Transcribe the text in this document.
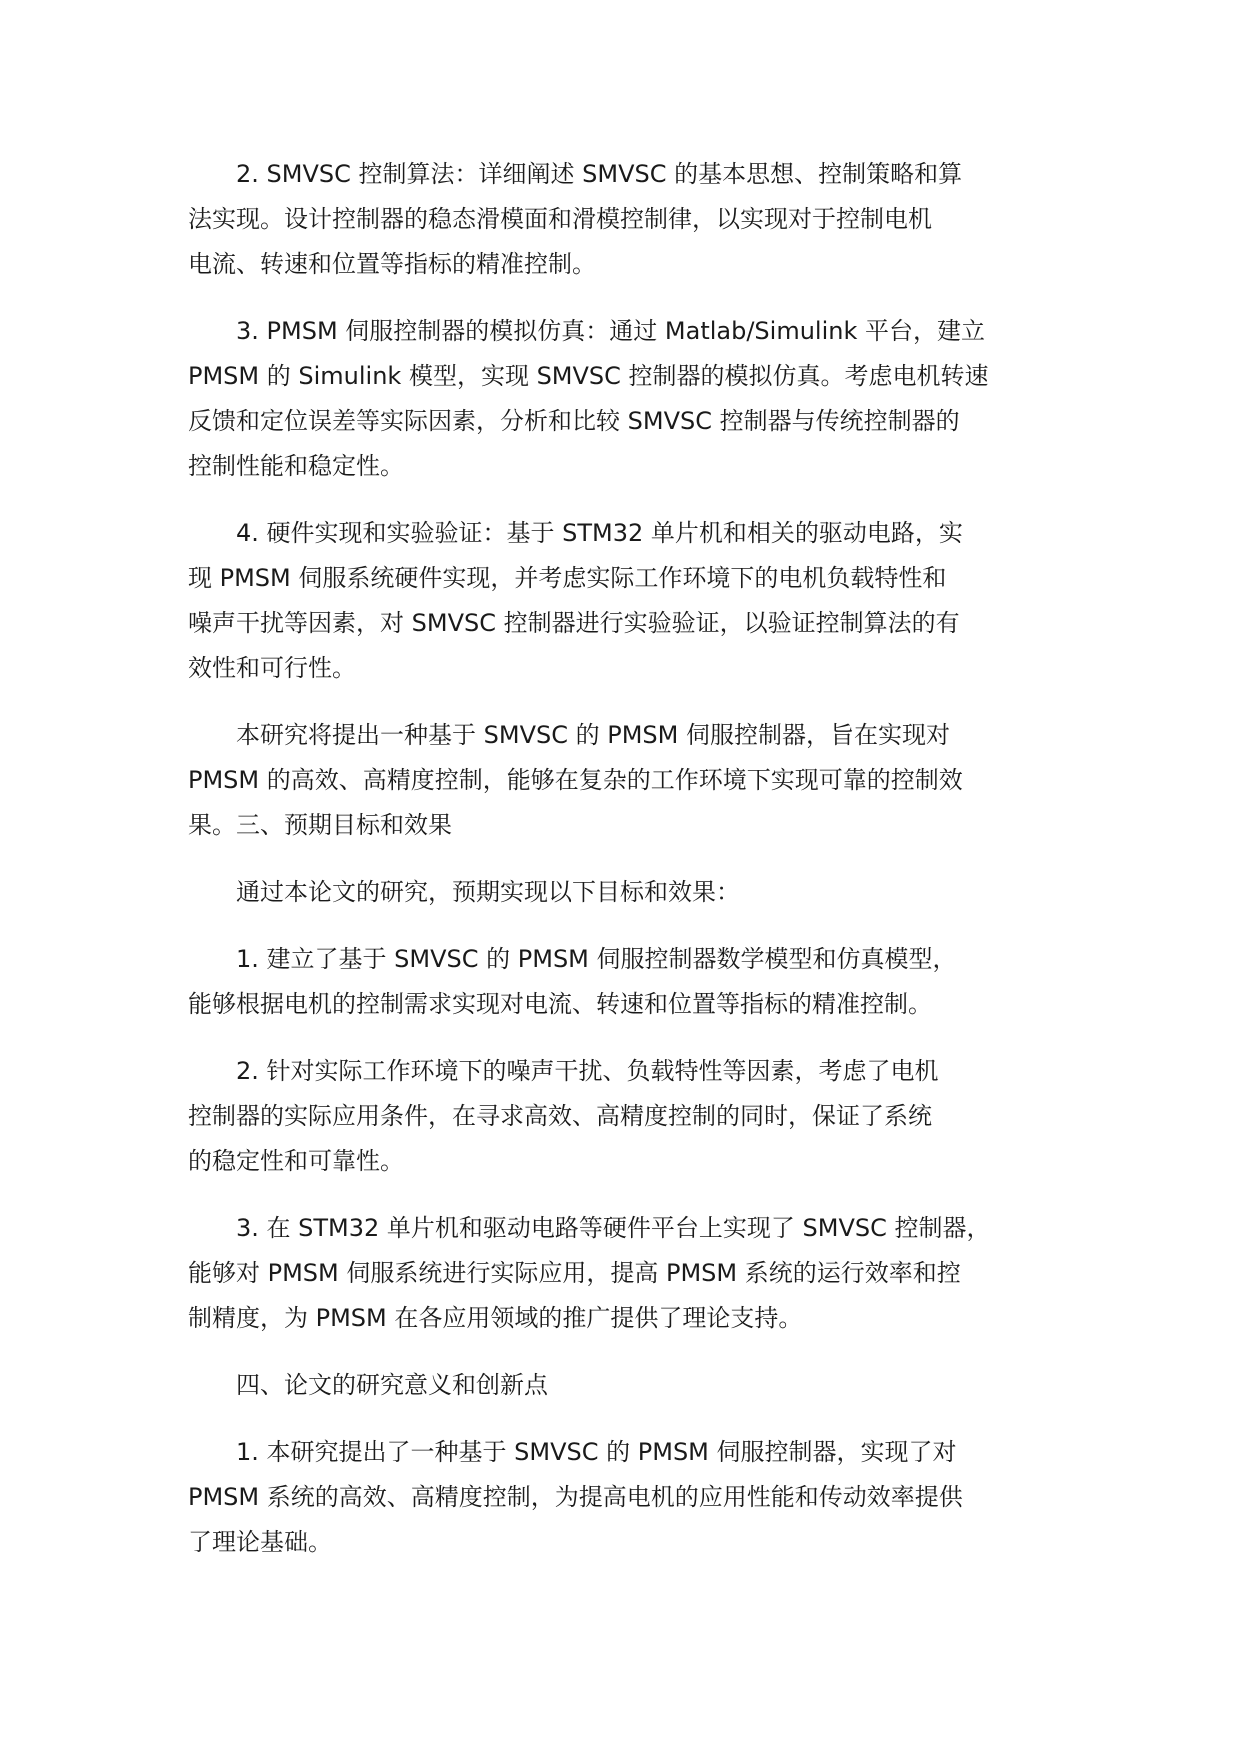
　　2. SMVSC 控制算法：详细阐述 SMVSC 的基本思想、控制策略和算
法实现。设计控制器的稳态滑模面和滑模控制律，以实现对于控制电机
电流、转速和位置等指标的精准控制。

　　3. PMSM 伺服控制器的模拟仿真：通过 Matlab/Simulink 平台，建立
PMSM 的 Simulink 模型，实现 SMVSC 控制器的模拟仿真。考虑电机转速
反馈和定位误差等实际因素，分析和比较 SMVSC 控制器与传统控制器的
控制性能和稳定性。

　　4. 硬件实现和实验验证：基于 STM32 单片机和相关的驱动电路，实
现 PMSM 伺服系统硬件实现，并考虑实际工作环境下的电机负载特性和
噪声干扰等因素，对 SMVSC 控制器进行实验验证，以验证控制算法的有
效性和可行性。

　　本研究将提出一种基于 SMVSC 的 PMSM 伺服控制器，旨在实现对
PMSM 的高效、高精度控制，能够在复杂的工作环境下实现可靠的控制效
果。三、预期目标和效果

　　通过本论文的研究，预期实现以下目标和效果：

　　1. 建立了基于 SMVSC 的 PMSM 伺服控制器数学模型和仿真模型，
能够根据电机的控制需求实现对电流、转速和位置等指标的精准控制。

　　2. 针对实际工作环境下的噪声干扰、负载特性等因素，考虑了电机
控制器的实际应用条件，在寻求高效、高精度控制的同时，保证了系统
的稳定性和可靠性。

　　3. 在 STM32 单片机和驱动电路等硬件平台上实现了 SMVSC 控制器，
能够对 PMSM 伺服系统进行实际应用，提高 PMSM 系统的运行效率和控
制精度，为 PMSM 在各应用领域的推广提供了理论支持。

　　四、论文的研究意义和创新点

　　1. 本研究提出了一种基于 SMVSC 的 PMSM 伺服控制器，实现了对
PMSM 系统的高效、高精度控制，为提高电机的应用性能和传动效率提供
了理论基础。
